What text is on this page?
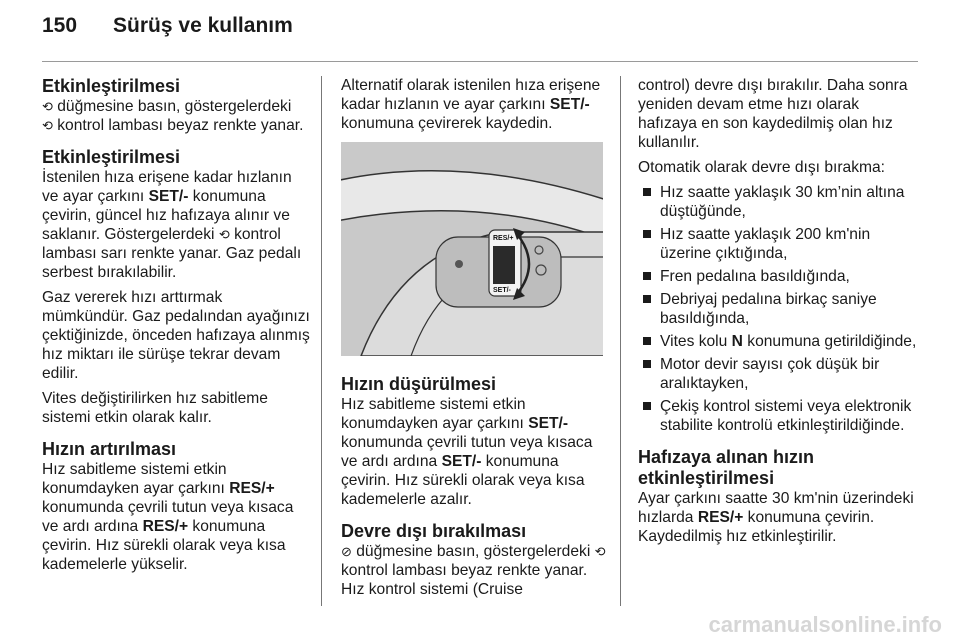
150 Sürüş ve kullanım
Etkinleştirilmesi

⟲ düğmesine basın, göstergelerdeki
⟲ kontrol lambası beyaz renkte yanar.

Etkinleştirilmesi

İstenilen hıza erişene kadar hızlanın ve ayar çarkını SET/- konumuna çevirin, güncel hız hafızaya alınır ve saklanır. Göstergelerdeki ⟲ kontrol lambası sarı renkte yanar. Gaz pedalı serbest bırakılabilir.

Gaz vererek hızı arttırmak mümkündür. Gaz pedalından ayağınızı çektiğinizde, önceden hafızaya alınmış hız miktarı ile sürüşe tekrar devam edilir.

Vites değiştirilirken hız sabitleme sistemi etkin olarak kalır.

Hızın artırılması

Hız sabitleme sistemi etkin konumdayken ayar çarkını RES/+ konumunda çevrili tutun veya kısaca ve ardı ardına RES/+ konumuna çevirin. Hız sürekli olarak veya kısa kademelerle yükselir.

Alternatif olarak istenilen hıza erişene kadar hızlanın ve ayar çarkını SET/- konumuna çevirerek kaydedin.

RES/+
SET/-
Hızın düşürülmesi

Hız sabitleme sistemi etkin konumdayken ayar çarkını SET/- konumunda çevrili tutun veya kısaca ve ardı ardına SET/- konumuna çevirin. Hız sürekli olarak veya kısa kademelerle azalır.

Devre dışı bırakılması

⊘ düğmesine basın, göstergelerdeki ⟲ kontrol lambası beyaz renkte yanar. Hız kontrol sistemi (Cruise

control) devre dışı bırakılır. Daha sonra yeniden devam etme hızı olarak hafızaya en son kaydedilmiş olan hız kullanılır.

Otomatik olarak devre dışı bırakma:

Hız saatte yaklaşık 30 km’nin altına düştüğünde,
Hız saatte yaklaşık 200 km'nin üzerine çıktığında,
Fren pedalına basıldığında,
Debriyaj pedalına birkaç saniye basıldığında,
Vites kolu N konumuna getirildiğinde,
Motor devir sayısı çok düşük bir aralıktayken,
Çekiş kontrol sistemi veya elektronik stabilite kontrolü etkinleştirildiğinde.
Hafızaya alınan hızın etkinleştirilmesi

Ayar çarkını saatte 30 km'nin üzerindeki hızlarda RES/+ konumuna çevirin. Kaydedilmiş hız etkinleştirilir.

carmanualsonline.info
